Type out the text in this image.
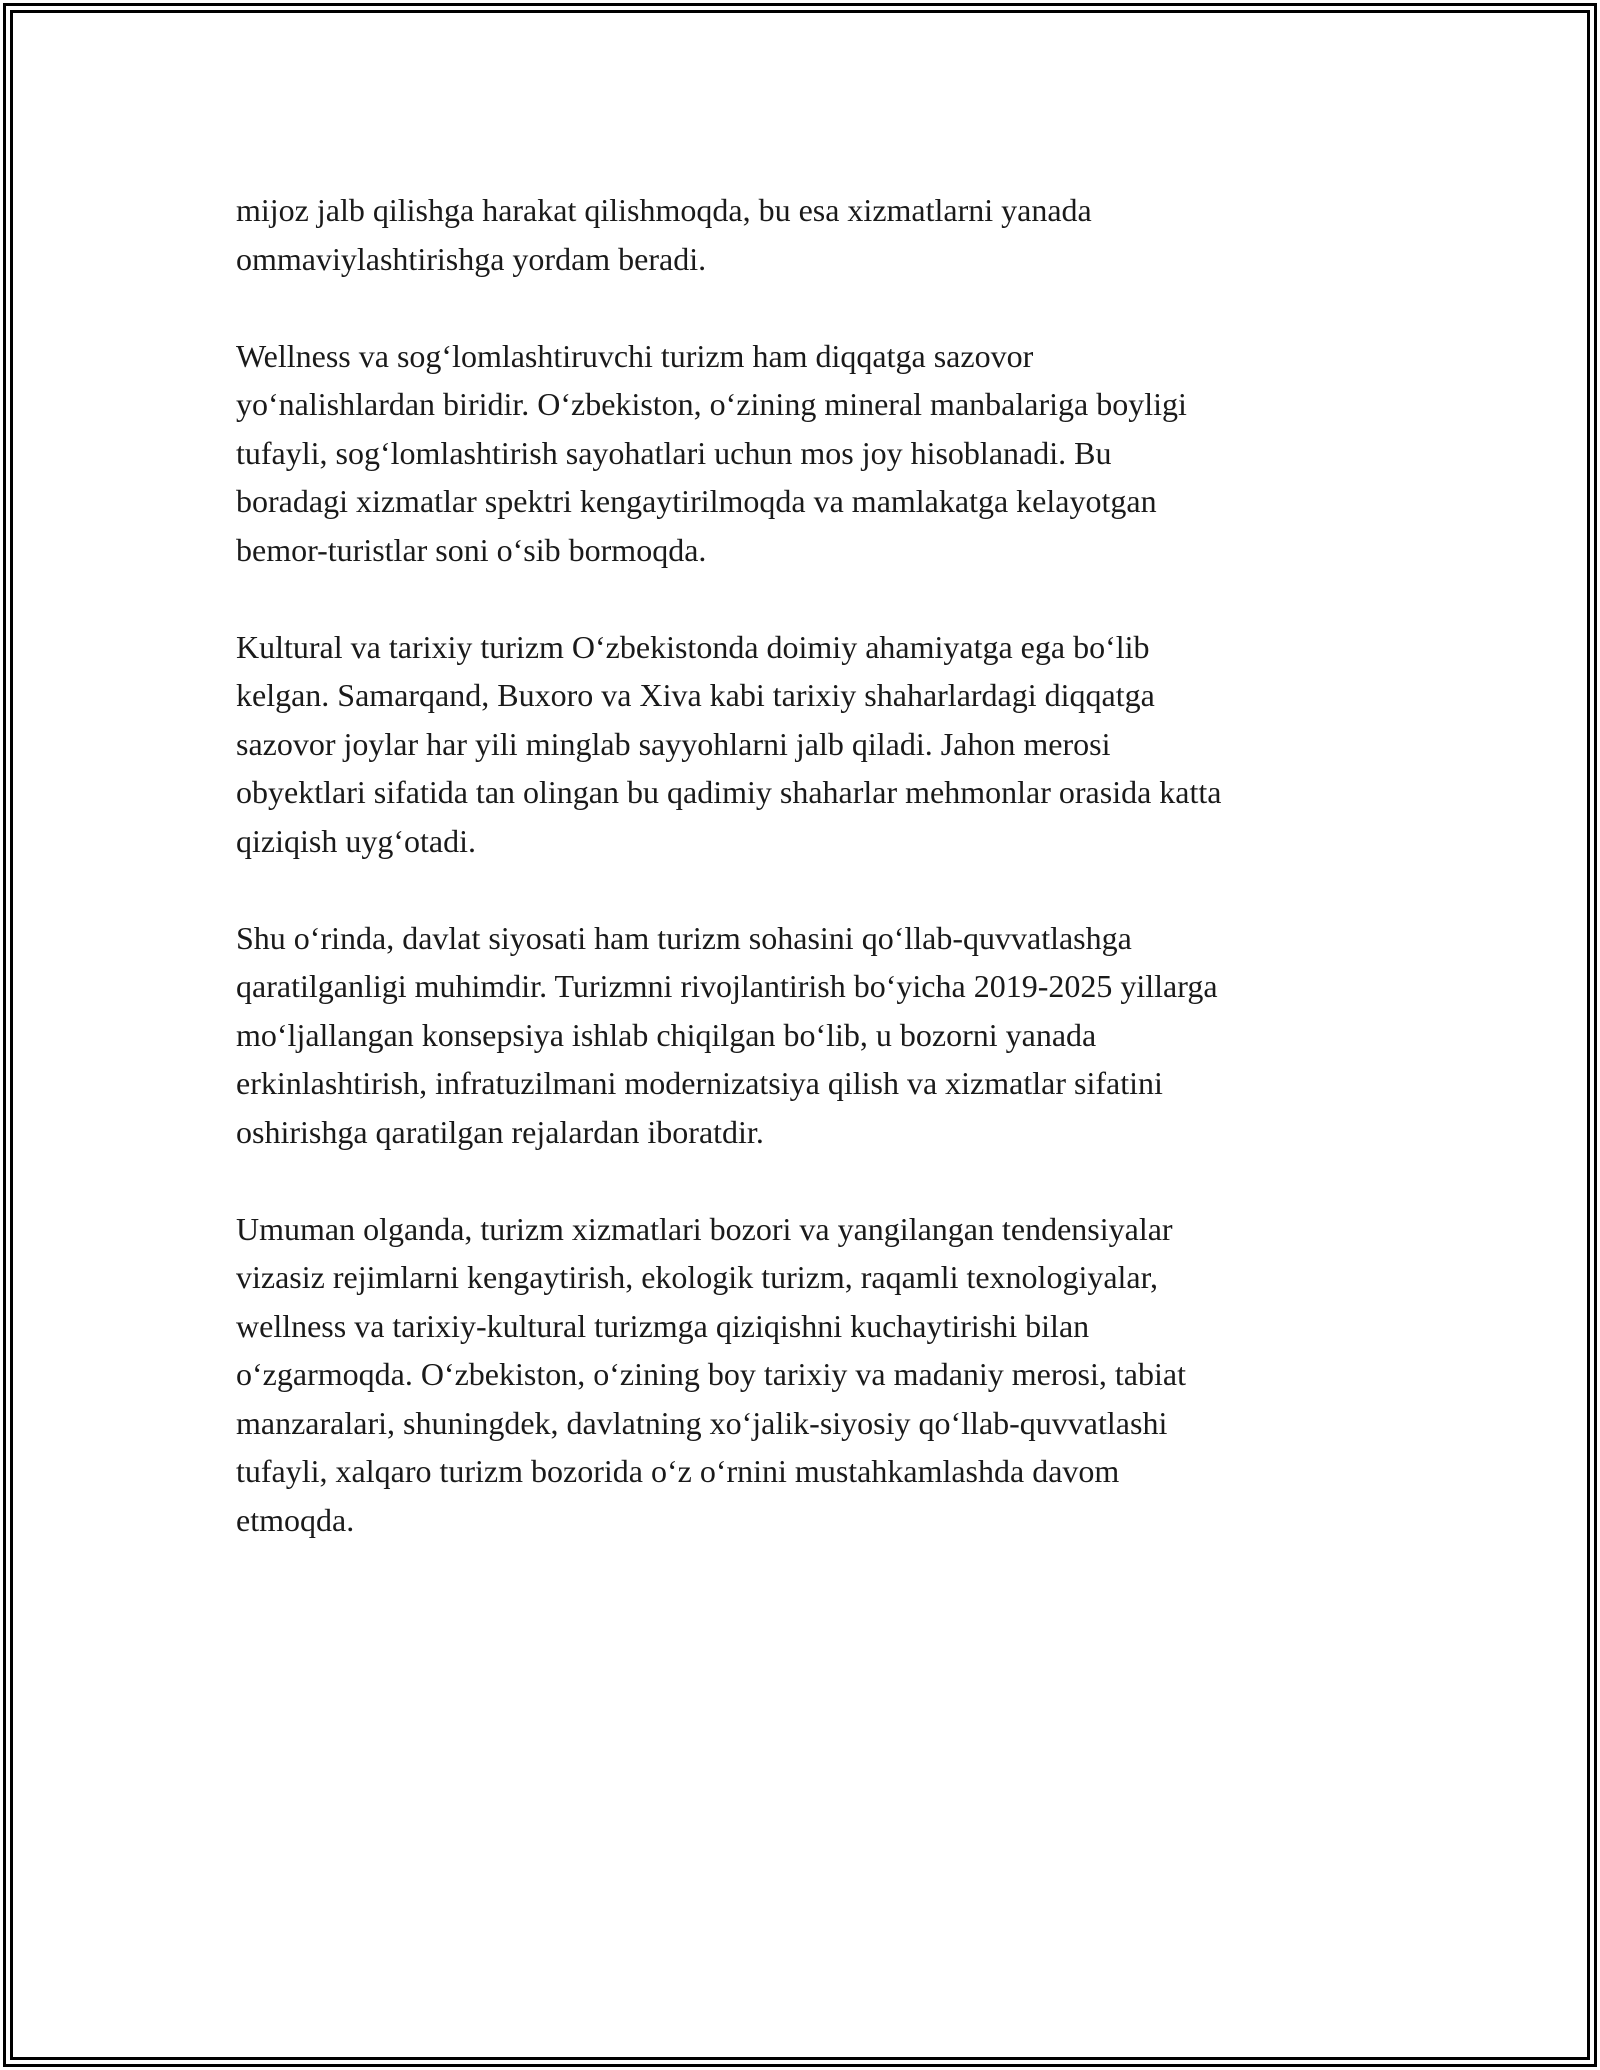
mijoz jalb qilishga harakat qilishmoqda, bu esa xizmatlarni yanada
ommaviylashtirishga yordam beradi.

Wellness va sog‘lomlashtiruvchi turizm ham diqqatga sazovor
yo‘nalishlardan biridir. O‘zbekiston, o‘zining mineral manbalariga boyligi
tufayli, sog‘lomlashtirish sayohatlari uchun mos joy hisoblanadi. Bu
boradagi xizmatlar spektri kengaytirilmoqda va mamlakatga kelayotgan
bemor-turistlar soni o‘sib bormoqda.

Kultural va tarixiy turizm O‘zbekistonda doimiy ahamiyatga ega bo‘lib
kelgan. Samarqand, Buxoro va Xiva kabi tarixiy shaharlardagi diqqatga
sazovor joylar har yili minglab sayyohlarni jalb qiladi. Jahon merosi
obyektlari sifatida tan olingan bu qadimiy shaharlar mehmonlar orasida katta
qiziqish uyg‘otadi.

Shu o‘rinda, davlat siyosati ham turizm sohasini qo‘llab-quvvatlashga
qaratilganligi muhimdir. Turizmni rivojlantirish bo‘yicha 2019-2025 yillarga
mo‘ljallangan konsepsiya ishlab chiqilgan bo‘lib, u bozorni yanada
erkinlashtirish, infratuzilmani modernizatsiya qilish va xizmatlar sifatini
oshirishga qaratilgan rejalardan iboratdir.

Umuman olganda, turizm xizmatlari bozori va yangilangan tendensiyalar
vizasiz rejimlarni kengaytirish, ekologik turizm, raqamli texnologiyalar,
wellness va tarixiy-kultural turizmga qiziqishni kuchaytirishi bilan
o‘zgarmoqda. O‘zbekiston, o‘zining boy tarixiy va madaniy merosi, tabiat
manzaralari, shuningdek, davlatning xo‘jalik-siyosiy qo‘llab-quvvatlashi
tufayli, xalqaro turizm bozorida o‘z o‘rnini mustahkamlashda davom
etmoqda.
